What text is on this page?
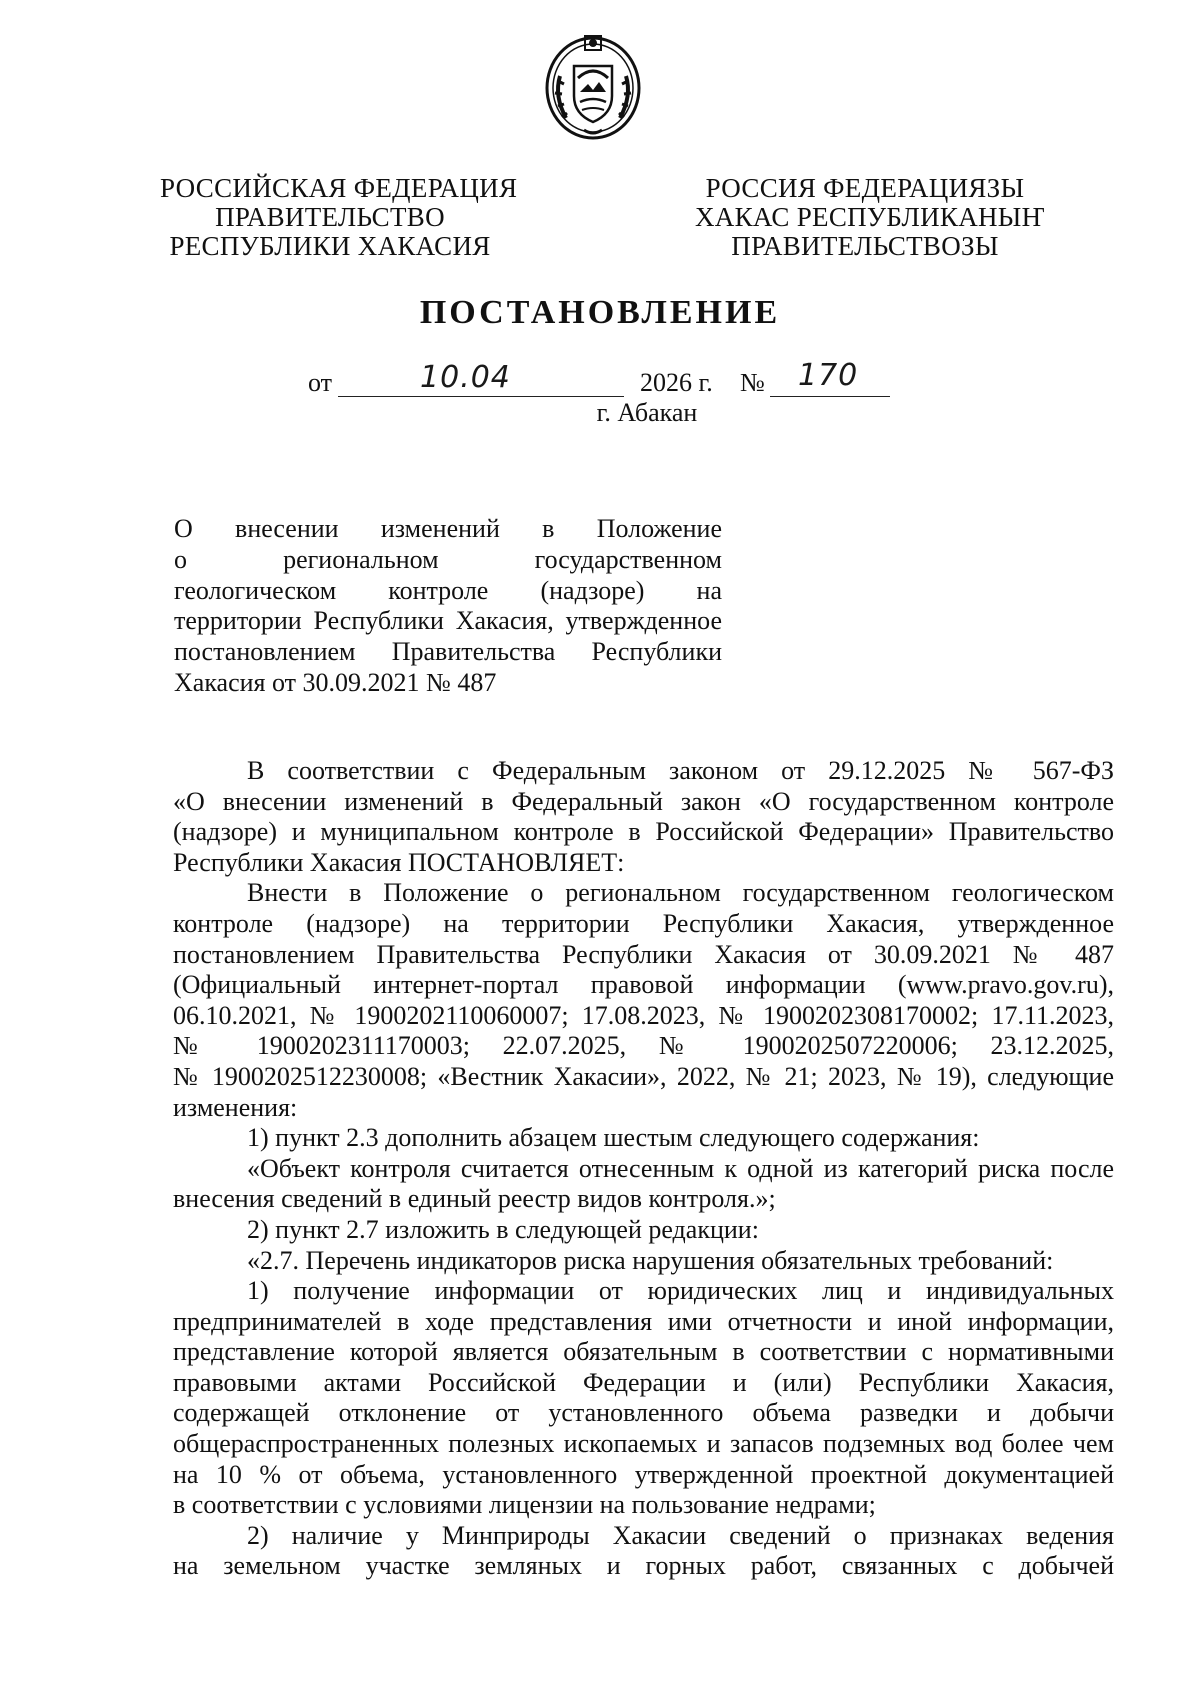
РОССИЙСКАЯ ФЕДЕРАЦИЯ
ПРАВИТЕЛЬСТВО
РЕСПУБЛИКИ ХАКАСИЯ
РОССИЯ ФЕДЕРАЦИЯЗЫ
ХАКАС РЕСПУБЛИКАНЫҤ
ПРАВИТЕЛЬСТВОЗЫ
ПОСТАНОВЛЕНИЕ
от	10.04	2026 г. № 170
г. Абакан
О внесении изменений в Положение
о региональном государственном
геологическом контроле (надзоре) на
территории Республики Хакасия, утвержденное
постановлением Правительства Республики
Хакасия от 30.09.2021 № 487
В соответствии с Федеральным законом от 29.12.2025 № 567-ФЗ
«О внесении изменений в Федеральный закон «О государственном контроле
(надзоре) и муниципальном контроле в Российской Федерации» Правительство
Республики Хакасия ПОСТАНОВЛЯЕТ:
Внести в Положение о региональном государственном геологическом
контроле (надзоре) на территории Республики Хакасия, утвержденное
постановлением Правительства Республики Хакасия от 30.09.2021 № 487
(Официальный интернет-портал правовой информации (www.pravo.gov.ru),
06.10.2021, № 1900202110060007; 17.08.2023, № 1900202308170002; 17.11.2023,
№ 1900202311170003; 22.07.2025, № 1900202507220006; 23.12.2025,
№ 1900202512230008; «Вестник Хакасии», 2022, № 21; 2023, № 19), следующие
изменения:
1) пункт 2.3 дополнить абзацем шестым следующего содержания:
«Объект контроля считается отнесенным к одной из категорий риска после
внесения сведений в единый реестр видов контроля.»;
2) пункт 2.7 изложить в следующей редакции:
«2.7. Перечень индикаторов риска нарушения обязательных требований:
1) получение информации от юридических лиц и индивидуальных
предпринимателей в ходе представления ими отчетности и иной информации,
представление которой является обязательным в соответствии с нормативными
правовыми актами Российской Федерации и (или) Республики Хакасия,
содержащей отклонение от установленного объема разведки и добычи
общераспространенных полезных ископаемых и запасов подземных вод более чем
на 10 % от объема, установленного утвержденной проектной документацией
в соответствии с условиями лицензии на пользование недрами;
2) наличие у Минприроды Хакасии сведений о признаках ведения
на земельном участке земляных и горных работ, связанных с добычей
